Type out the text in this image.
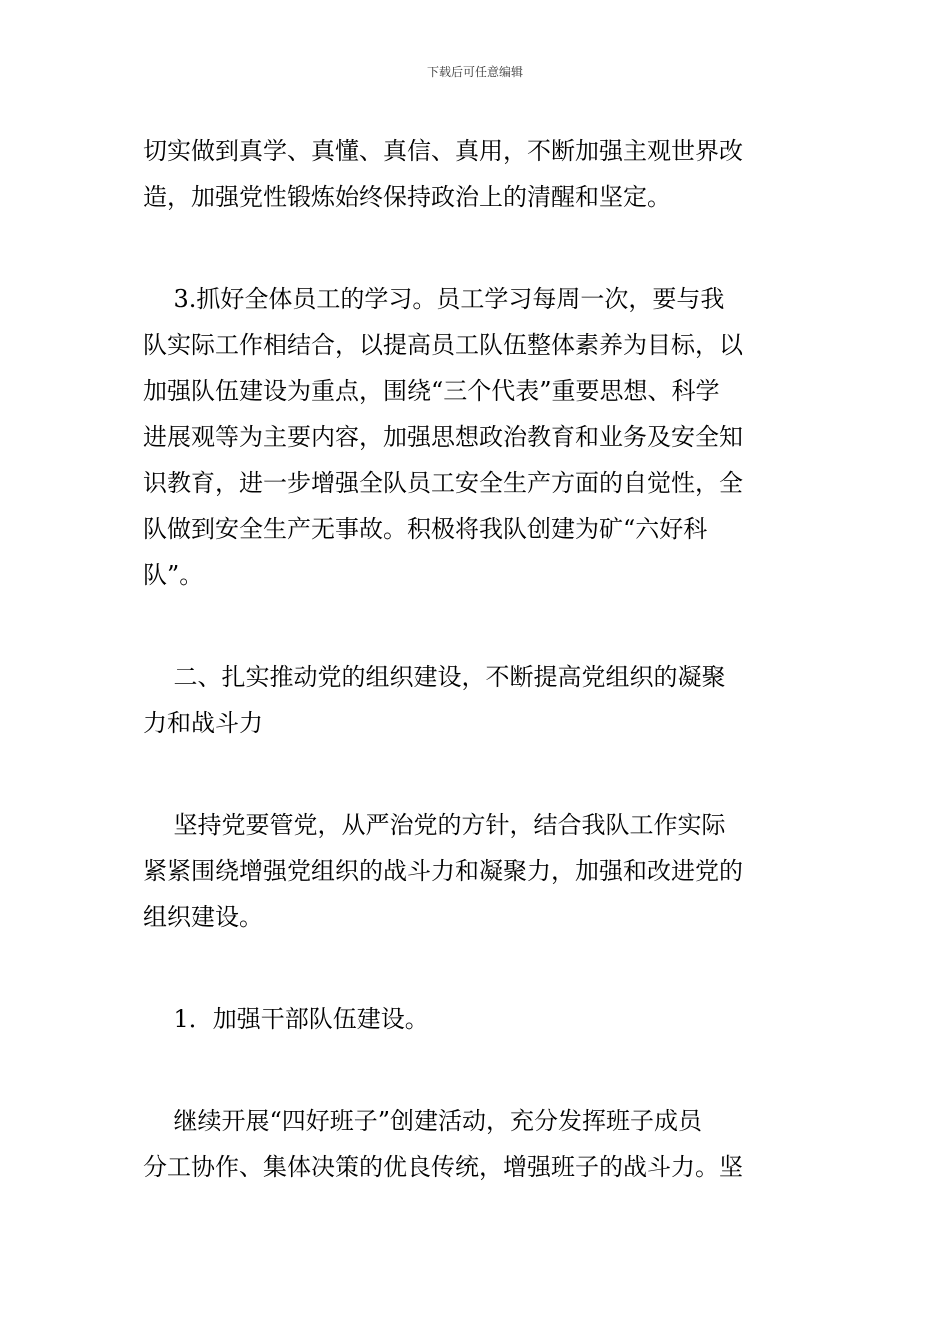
下载后可任意编辑
切实做到真学、真懂、真信、真用，不断加强主观世界改
造，加强党性锻炼始终保持政治上的清醒和坚定。
3.抓好全体员工的学习。员工学习每周一次，要与我
队实际工作相结合，以提高员工队伍整体素养为目标，以
加强队伍建设为重点，围绕“三个代表”重要思想、科学
进展观等为主要内容，加强思想政治教育和业务及安全知
识教育，进一步增强全队员工安全生产方面的自觉性，全
队做到安全生产无事故。积极将我队创建为矿“六好科
队”。
二、扎实推动党的组织建设，不断提高党组织的凝聚
力和战斗力
坚持党要管党，从严治党的方针，结合我队工作实际
紧紧围绕增强党组织的战斗力和凝聚力，加强和改进党的
组织建设。
1．加强干部队伍建设。
继续开展“四好班子”创建活动，充分发挥班子成员
分工协作、集体决策的优良传统，增强班子的战斗力。坚
